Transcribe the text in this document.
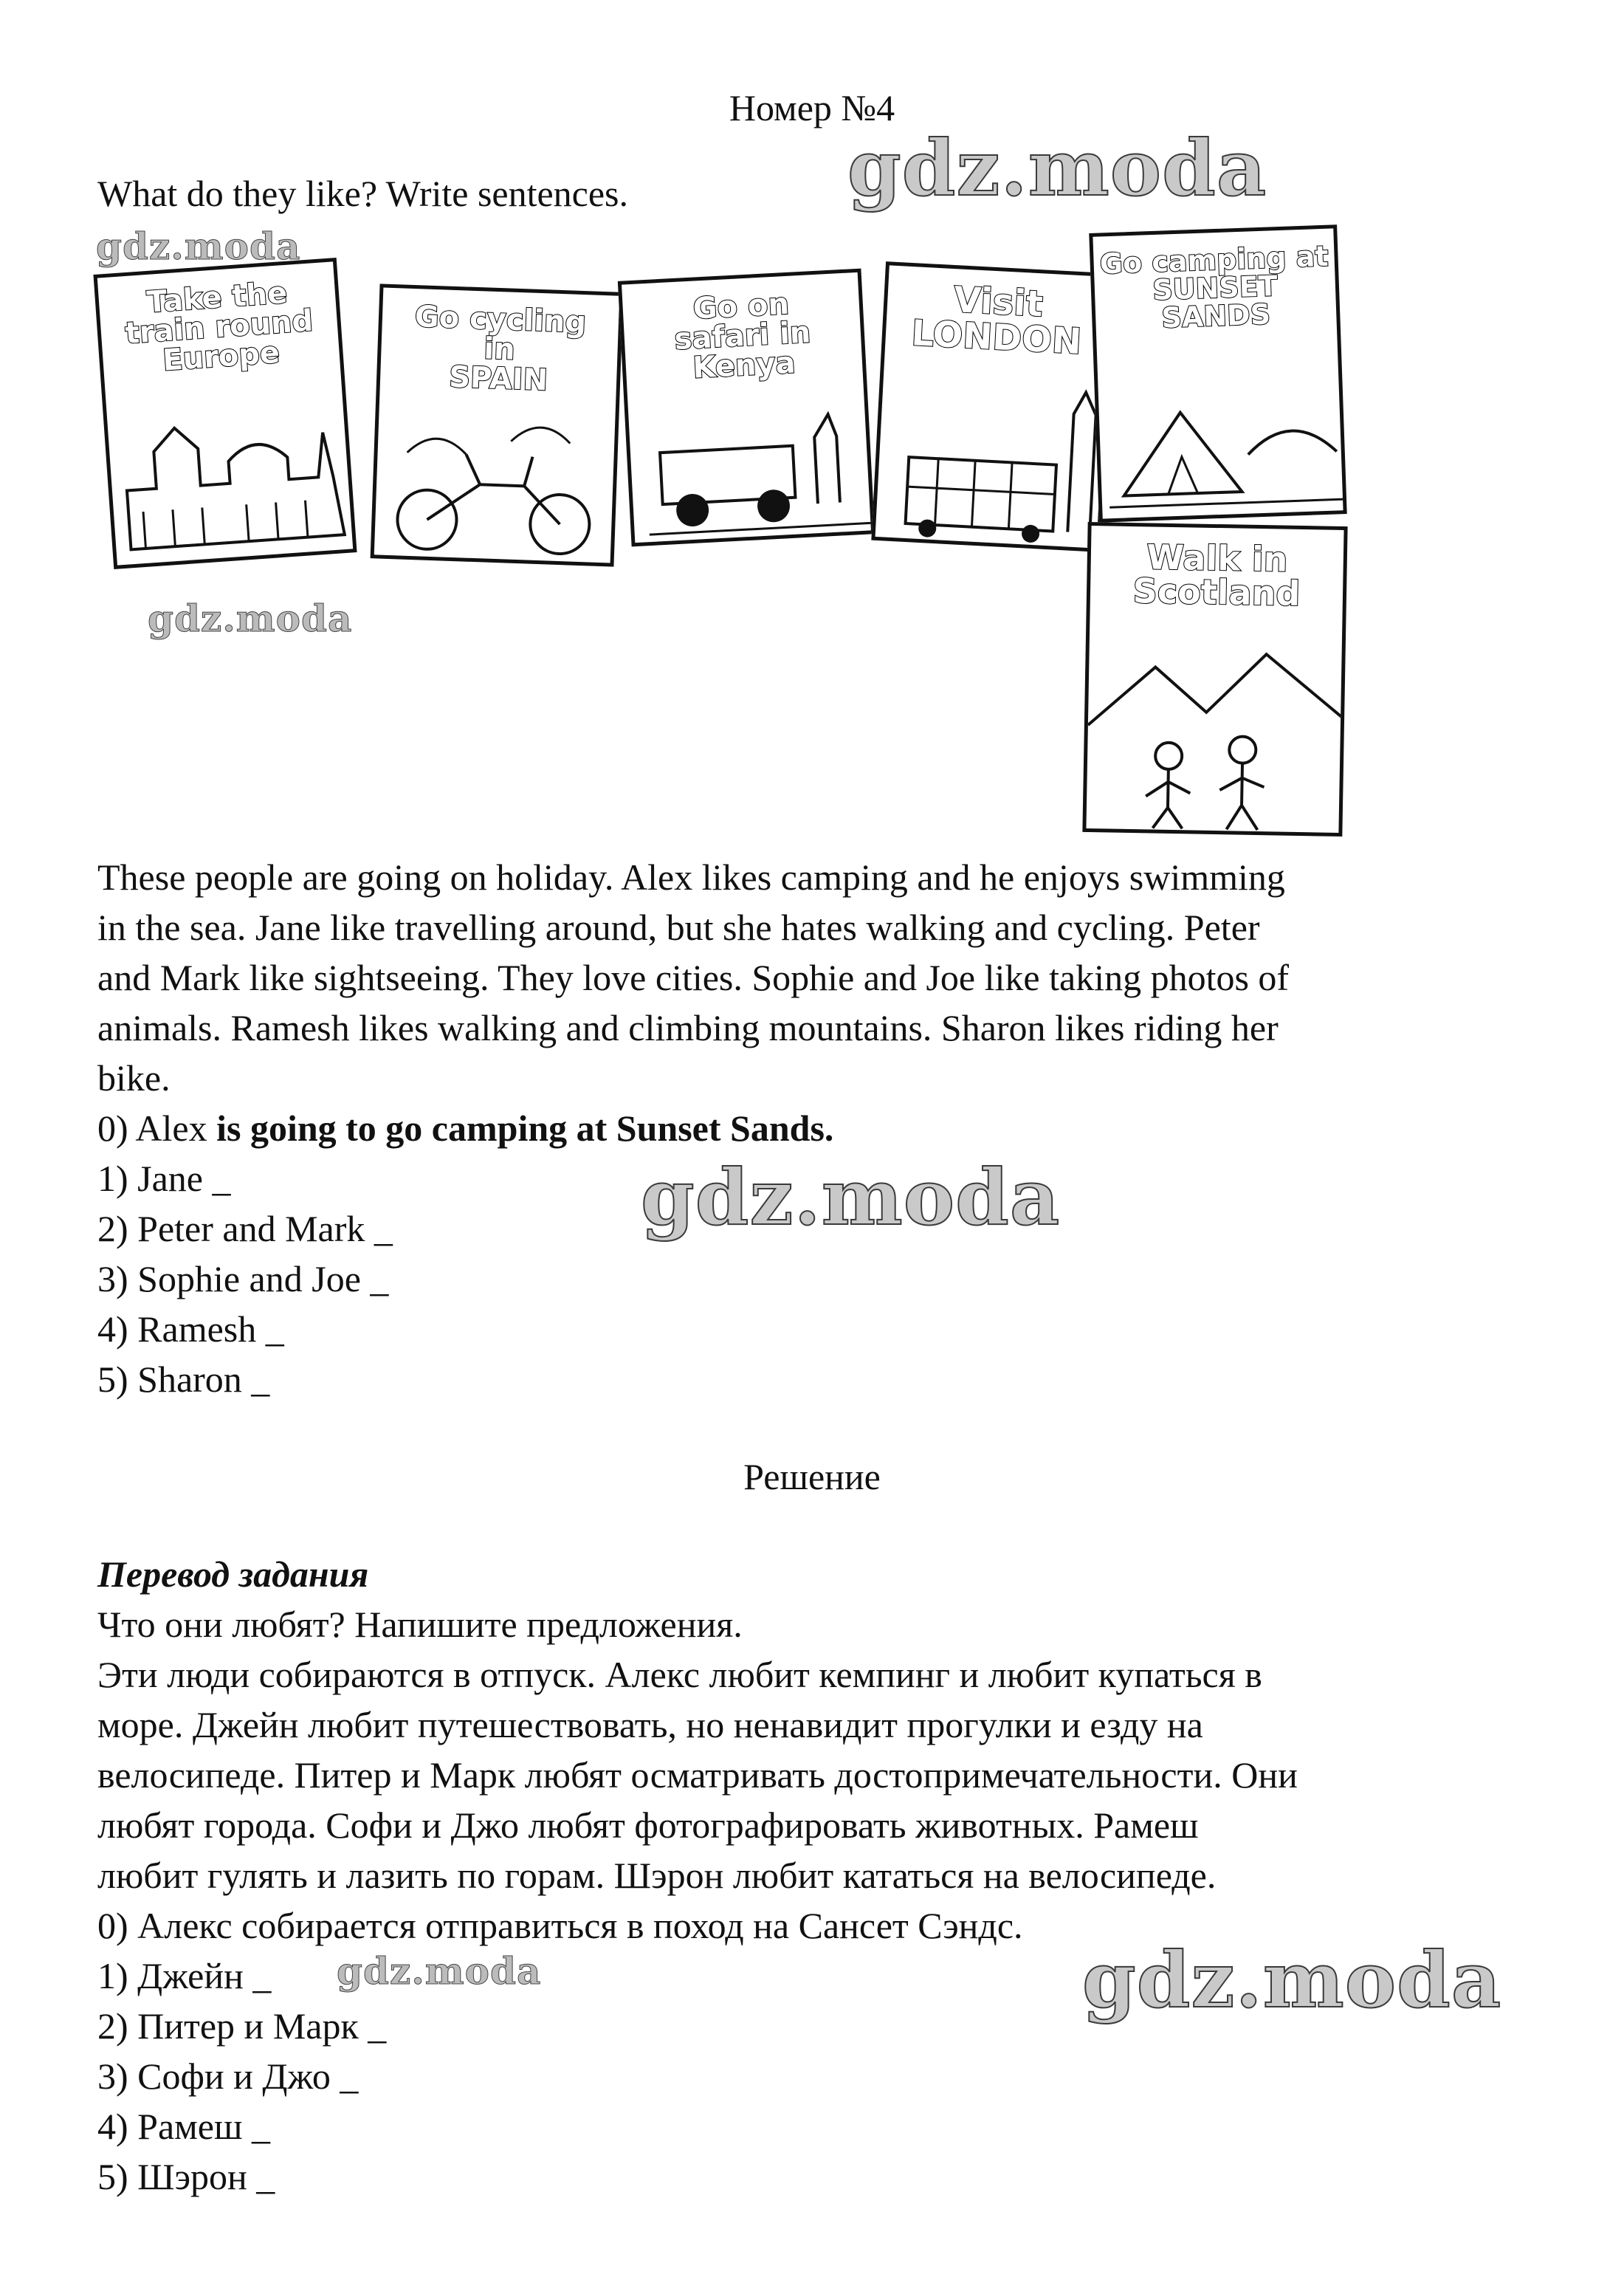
Номер №4
What do they like? Write sentences.	gdz.moda
gdz.moda
Take the
train round
Europe
Go cycling
in
SPAIN
Go on
safari in
Kenya
Visit
LONDON
Go camping at
SUNSET
SANDS
Walk in
Scotland
gdz.moda
These people are going on holiday. Alex likes camping and he enjoys swimming
in the sea. Jane like travelling around, but she hates walking and cycling. Peter
and Mark like sightseeing. They love cities. Sophie and Joe like taking photos of
animals. Ramesh likes walking and climbing mountains. Sharon likes riding her
bike.
0) Alex is going to go camping at Sunset Sands.
1) Jane _
2) Peter and Mark _
3) Sophie and Joe _
4) Ramesh _
5) Sharon _
gdz.moda
Решение
Перевод задания
Что они любят? Напишите предложения.
Эти люди собираются в отпуск. Алекс любит кемпинг и любит купаться в
море. Джейн любит путешествовать, но ненавидит прогулки и езду на
велосипеде. Питер и Марк любят осматривать достопримечательности. Они
любят города. Софи и Джо любят фотографировать животных. Рамеш
любит гулять и лазить по горам. Шэрон любит кататься на велосипеде.
0) Алекс собирается отправиться в поход на Сансет Сэндс.
1) Джейн _
2) Питер и Марк _
3) Софи и Джо _
4) Рамеш _
5) Шэрон _
gdz.moda	gdz.moda
